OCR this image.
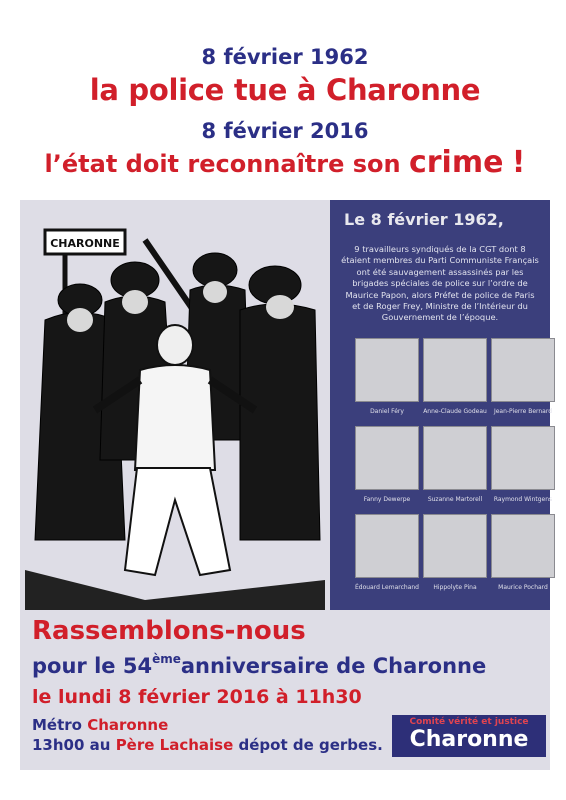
8 février 1962
la police tue à Charonne
8 février 2016
l’état doit reconnaître son crime !
CHARONNE
Le 8 février 1962,

9 travailleurs syndiqués de la CGT dont 8 étaient membres du Parti Communiste Français ont été sauvagement assassinés par les brigades spéciales de police sur l’ordre de Maurice Papon, alors Préfet de police de Paris et de Roger Frey, Ministre de l’Intérieur du Gouvernement de l’époque.

Daniel Féry	Anne-Claude Godeau	Jean-Pierre Bernard
Fanny Dewerpe	Suzanne Martorell	Raymond Wintgens
Édouard Lemarchand	Hippolyte Pina	Maurice Pochard
Rassemblons-nous
pour le 54èmeanniversaire de Charonne
le lundi 8 février 2016 à 11h30
Métro Charonne
13h00 au Père Lachaise dépot de gerbes.
Comité vérité et justice
Charonne
